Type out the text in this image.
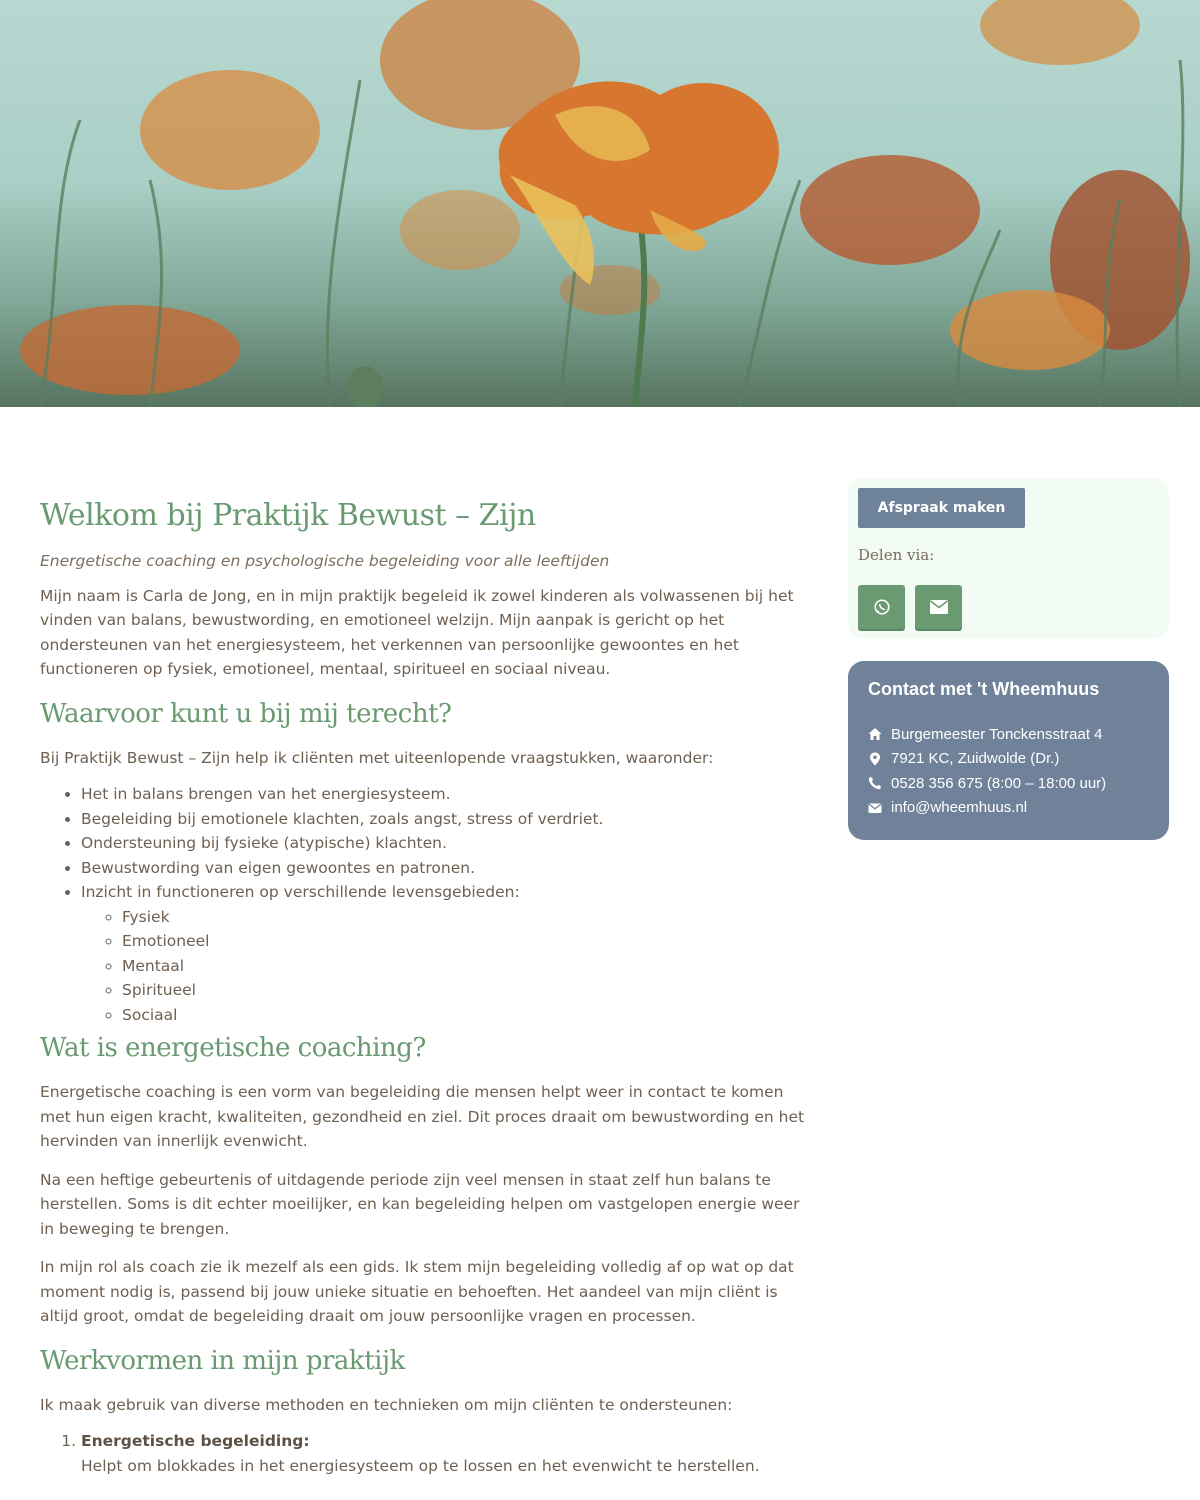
Welkom bij Praktijk Bewust – Zijn

Energetische coaching en psychologische begeleiding voor alle leeftijden

Mijn naam is Carla de Jong, en in mijn praktijk begeleid ik zowel kinderen als volwassenen bij het vinden van balans, bewustwording, en emotioneel welzijn. Mijn aanpak is gericht op het ondersteunen van het energiesysteem, het verkennen van persoonlijke gewoontes en het functioneren op fysiek, emotioneel, mentaal, spiritueel en sociaal niveau.

Waarvoor kunt u bij mij terecht?

Bij Praktijk Bewust – Zijn help ik cliënten met uiteenlopende vraagstukken, waaronder:

• Het in balans brengen van het energiesysteem.
• Begeleiding bij emotionele klachten, zoals angst, stress of verdriet.
• Ondersteuning bij fysieke (atypische) klachten.
• Bewustwording van eigen gewoontes en patronen.
• Inzicht in functioneren op verschillende levensgebieden:
◦ Fysiek
◦ Emotioneel
◦ Mentaal
◦ Spiritueel
◦ Sociaal
Wat is energetische coaching?

Energetische coaching is een vorm van begeleiding die mensen helpt weer in contact te komen met hun eigen kracht, kwaliteiten, gezondheid en ziel. Dit proces draait om bewustwording en het hervinden van innerlijk evenwicht.

Na een heftige gebeurtenis of uitdagende periode zijn veel mensen in staat zelf hun balans te herstellen. Soms is dit echter moeilijker, en kan begeleiding helpen om vastgelopen energie weer in beweging te brengen.

In mijn rol als coach zie ik mezelf als een gids. Ik stem mijn begeleiding volledig af op wat op dat moment nodig is, passend bij jouw unieke situatie en behoeften. Het aandeel van mijn cliënt is altijd groot, omdat de begeleiding draait om jouw persoonlijke vragen en processen.

Werkvormen in mijn praktijk

Ik maak gebruik van diverse methoden en technieken om mijn cliënten te ondersteunen:

1. Energetische begeleiding:
Helpt om blokkades in het energiesysteem op te lossen en het evenwicht te herstellen.
Afspraak maken
Delen via:
Contact met 't Wheemhuus
Burgemeester Tonckensstraat 4
7921 KC, Zuidwolde (Dr.)
0528 356 675 (8:00 – 18:00 uur)
info@wheemhuus.nl
